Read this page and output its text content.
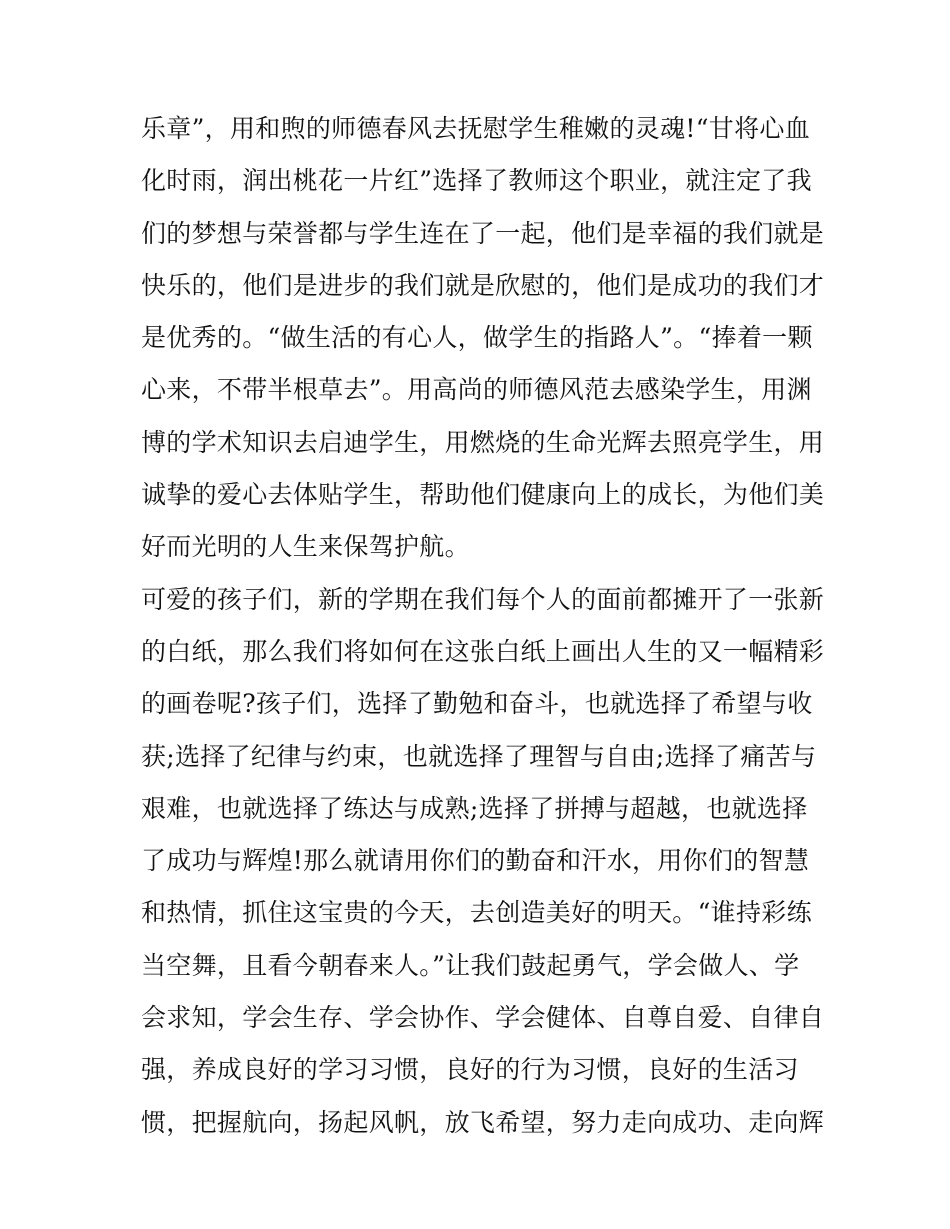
乐章”，用和煦的师德春风去抚慰学生稚嫩的灵魂!“甘将心血
化时雨，润出桃花一片红”选择了教师这个职业，就注定了我
们的梦想与荣誉都与学生连在了一起，他们是幸福的我们就是
快乐的，他们是进步的我们就是欣慰的，他们是成功的我们才
是优秀的。“做生活的有心人，做学生的指路人”。“捧着一颗
心来，不带半根草去”。用高尚的师德风范去感染学生，用渊
博的学术知识去启迪学生，用燃烧的生命光辉去照亮学生，用
诚挚的爱心去体贴学生，帮助他们健康向上的成长，为他们美
好而光明的人生来保驾护航。
可爱的孩子们，新的学期在我们每个人的面前都摊开了一张新
的白纸，那么我们将如何在这张白纸上画出人生的又一幅精彩
的画卷呢?孩子们，选择了勤勉和奋斗，也就选择了希望与收
获;选择了纪律与约束，也就选择了理智与自由;选择了痛苦与
艰难，也就选择了练达与成熟;选择了拼搏与超越，也就选择
了成功与辉煌!那么就请用你们的勤奋和汗水，用你们的智慧
和热情，抓住这宝贵的今天，去创造美好的明天。“谁持彩练
当空舞，且看今朝春来人。”让我们鼓起勇气，学会做人、学
会求知，学会生存、学会协作、学会健体、自尊自爱、自律自
强，养成良好的学习习惯，良好的行为习惯，良好的生活习
惯，把握航向，扬起风帆，放飞希望，努力走向成功、走向辉
